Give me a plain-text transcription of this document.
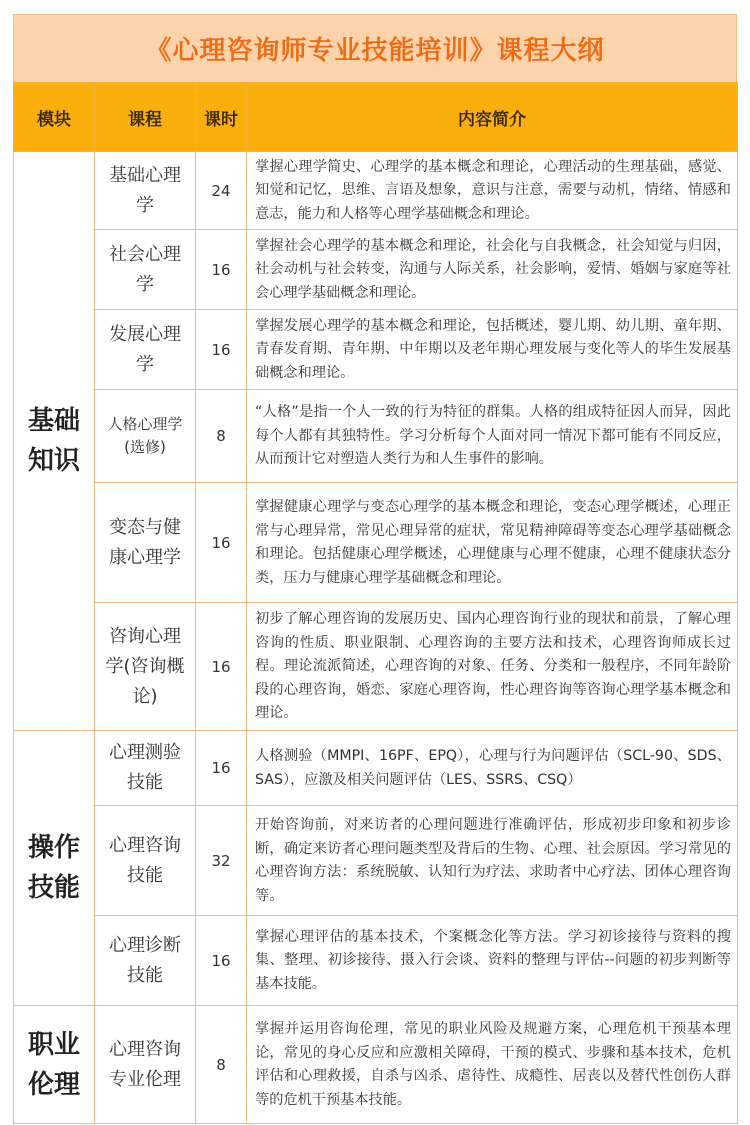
《心理咨询师专业技能培训》课程大纲
模块	课程	课时	内容简介
基础知识	基础心理学	24	掌握心理学简史、心理学的基本概念和理论，心理活动的生理基础，感觉、知觉和记忆，思维、言语及想象，意识与注意，需要与动机，情绪、情感和意志，能力和人格等心理学基础概念和理论。
	社会心理学	16	掌握社会心理学的基本概念和理论，社会化与自我概念，社会知觉与归因，社会动机与社会转变，沟通与人际关系，社会影响，爱情、婚姻与家庭等社会心理学基础概念和理论。
	发展心理学	16	掌握发展心理学的基本概念和理论，包括概述，婴儿期、幼儿期、童年期、青春发育期、青年期、中年期以及老年期心理发展与变化等人的毕生发展基础概念和理论。
	人格心理学(选修)	8	“人格”是指一个人一致的行为特征的群集。人格的组成特征因人而异，因此每个人都有其独特性。学习分析每个人面对同一情况下都可能有不同反应，从而预计它对塑造人类行为和人生事件的影响。
	变态与健康心理学	16	掌握健康心理学与变态心理学的基本概念和理论，变态心理学概述，心理正常与心理异常，常见心理异常的症状，常见精神障碍等变态心理学基础概念和理论。包括健康心理学概述，心理健康与心理不健康，心理不健康状态分类，压力与健康心理学基础概念和理论。
	咨询心理学(咨询概论)	16	初步了解心理咨询的发展历史、国内心理咨询行业的现状和前景，了解心理咨询的性质、职业限制、心理咨询的主要方法和技术，心理咨询师成长过程。理论流派简述，心理咨询的对象、任务、分类和一般程序，不同年龄阶段的心理咨询，婚恋、家庭心理咨询，性心理咨询等咨询心理学基本概念和理论。
操作技能	心理测验技能	16	人格测验（MMPI、16PF、EPQ），心理与行为问题评估（SCL-90、SDS、SAS），应激及相关问题评估（LES、SSRS、CSQ）
	心理咨询技能	32	开始咨询前，对来访者的心理问题进行准确评估，形成初步印象和初步诊断，确定来访者心理问题类型及背后的生物、心理、社会原因。学习常见的心理咨询方法：系统脱敏、认知行为疗法、求助者中心疗法、团体心理咨询等。
	心理诊断技能	16	掌握心理评估的基本技术，个案概念化等方法。学习初诊接待与资料的搜集、整理、初诊接待、摄入行会谈、资料的整理与评估--问题的初步判断等基本技能。
职业伦理	心理咨询专业伦理	8	掌握并运用咨询伦理，常见的职业风险及规避方案，心理危机干预基本理论，常见的身心反应和应激相关障碍，干预的模式、步骤和基本技术，危机评估和心理救援，自杀与凶杀、虐待性、成瘾性、居丧以及替代性创伤人群等的危机干预基本技能。
